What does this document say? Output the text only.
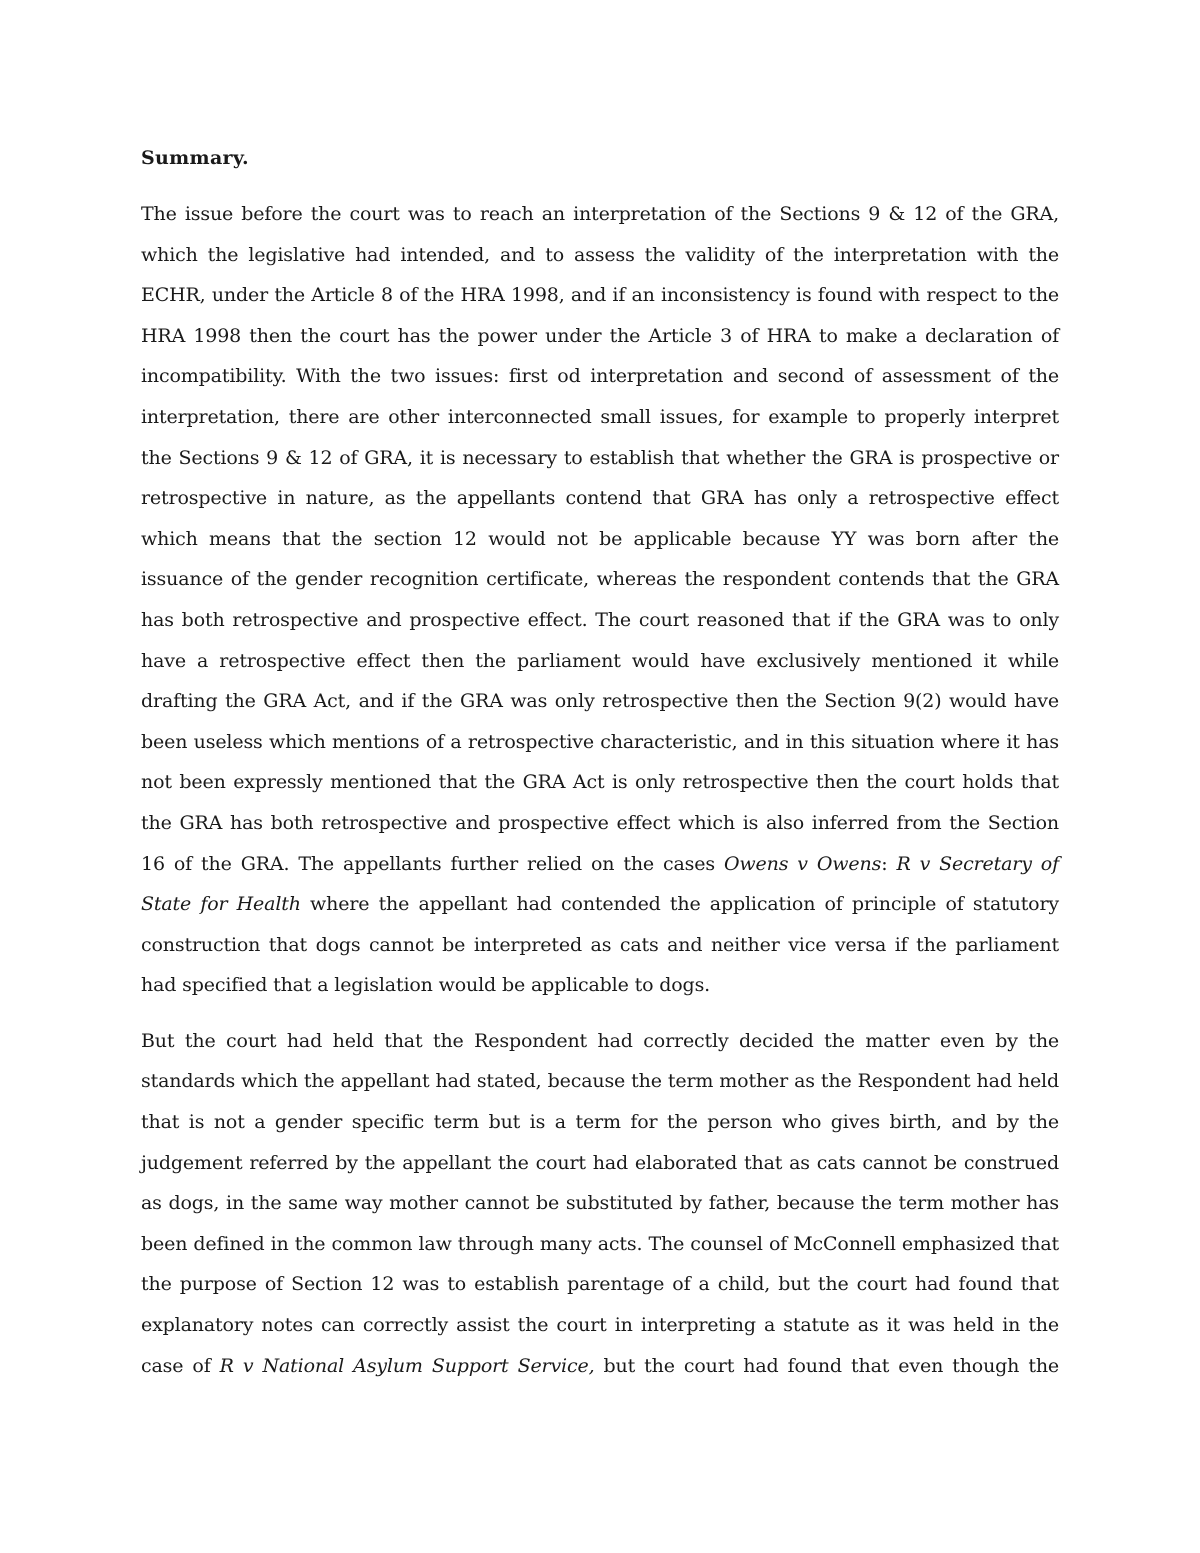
Summary.

The issue before the court was to reach an interpretation of the Sections 9 & 12 of the GRA, which the legislative had intended, and to assess the validity of the interpretation with the ECHR, under the Article 8 of the HRA 1998, and if an inconsistency is found with respect to the HRA 1998 then the court has the power under the Article 3 of HRA to make a declaration of incompatibility. With the two issues: first od interpretation and second of assessment of the interpretation, there are other interconnected small issues, for example to properly interpret the Sections 9 & 12 of GRA, it is necessary to establish that whether the GRA is prospective or retrospective in nature, as the appellants contend that GRA has only a retrospective effect which means that the section 12 would not be applicable because YY was born after the issuance of the gender recognition certificate, whereas the respondent contends that the GRA has both retrospective and prospective effect. The court reasoned that if the GRA was to only have a retrospective effect then the parliament would have exclusively mentioned it while drafting the GRA Act, and if the GRA was only retrospective then the Section 9(2) would have been useless which mentions of a retrospective characteristic, and in this situation where it has not been expressly mentioned that the GRA Act is only retrospective then the court holds that the GRA has both retrospective and prospective effect which is also inferred from the Section 16 of the GRA. The appellants further relied on the cases Owens v Owens: R v Secretary of State for Health where the appellant had contended the application of principle of statutory construction that dogs cannot be interpreted as cats and neither vice versa if the parliament had specified that a legislation would be applicable to dogs.

But the court had held that the Respondent had correctly decided the matter even by the standards which the appellant had stated, because the term mother as the Respondent had held that is not a gender specific term but is a term for the person who gives birth, and by the judgement referred by the appellant the court had elaborated that as cats cannot be construed as dogs, in the same way mother cannot be substituted by father, because the term mother has been defined in the common law through many acts. The counsel of McConnell emphasized that the purpose of Section 12 was to establish parentage of a child, but the court had found that explanatory notes can correctly assist the court in interpreting a statute as it was held in the case of R v National Asylum Support Service, but the court had found that even though the
